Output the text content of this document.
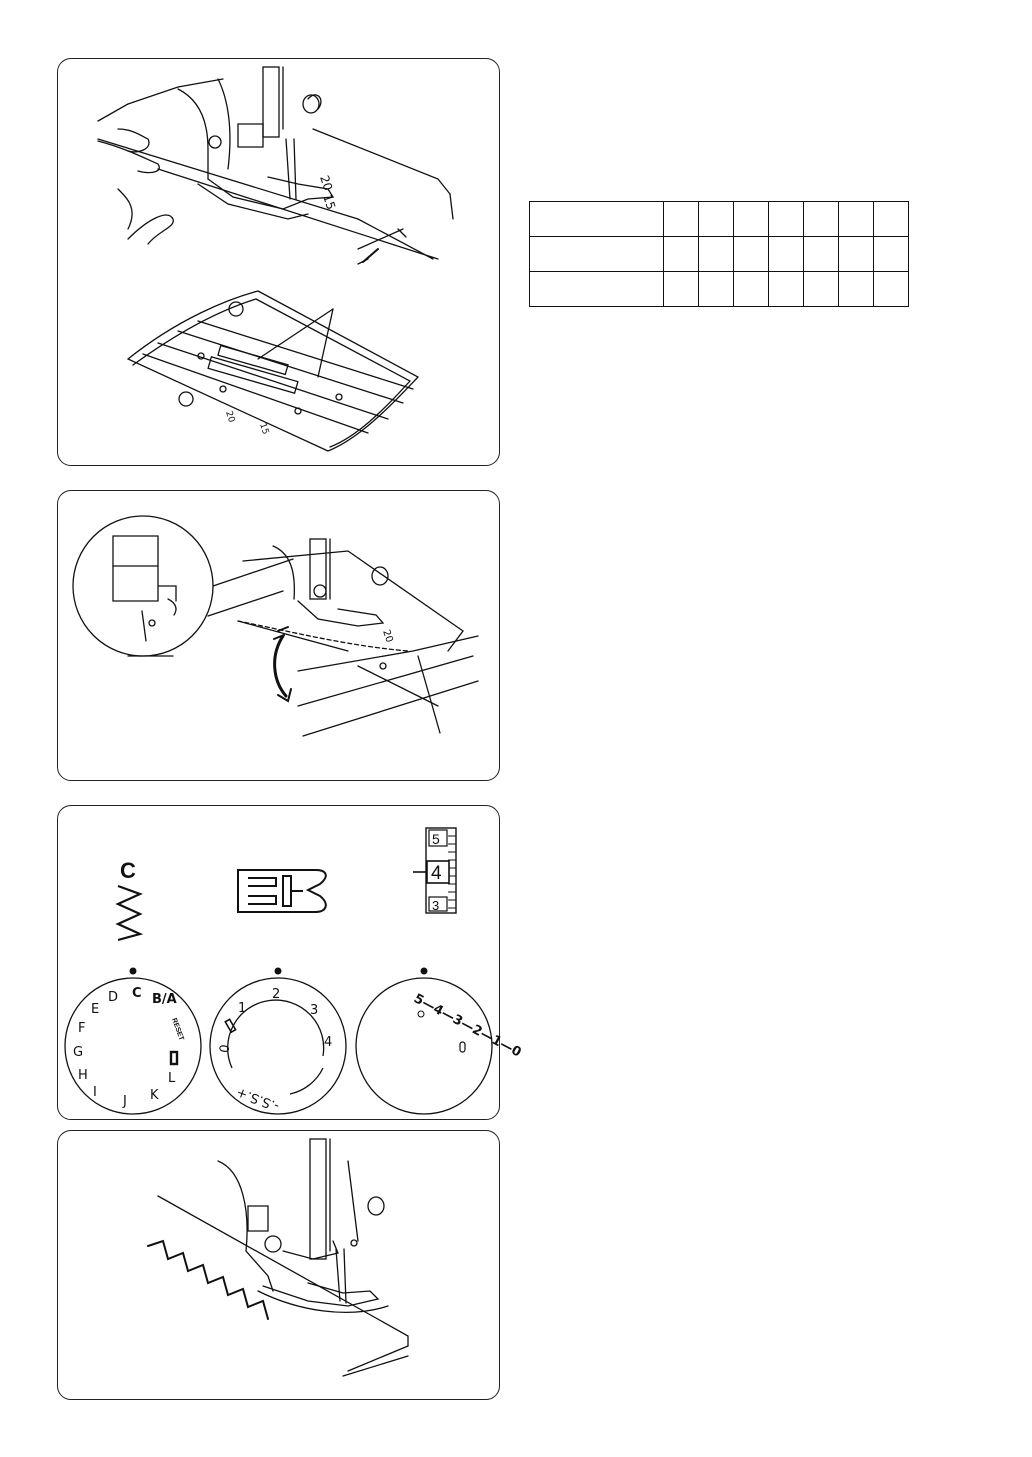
20
15
20
15
20
C
5
4
3
B/A
C
D
E
F
G
H
I
J K
L
RESET
0
1
2
3
4
-.S.S.+
5—4—3—2—1—0
